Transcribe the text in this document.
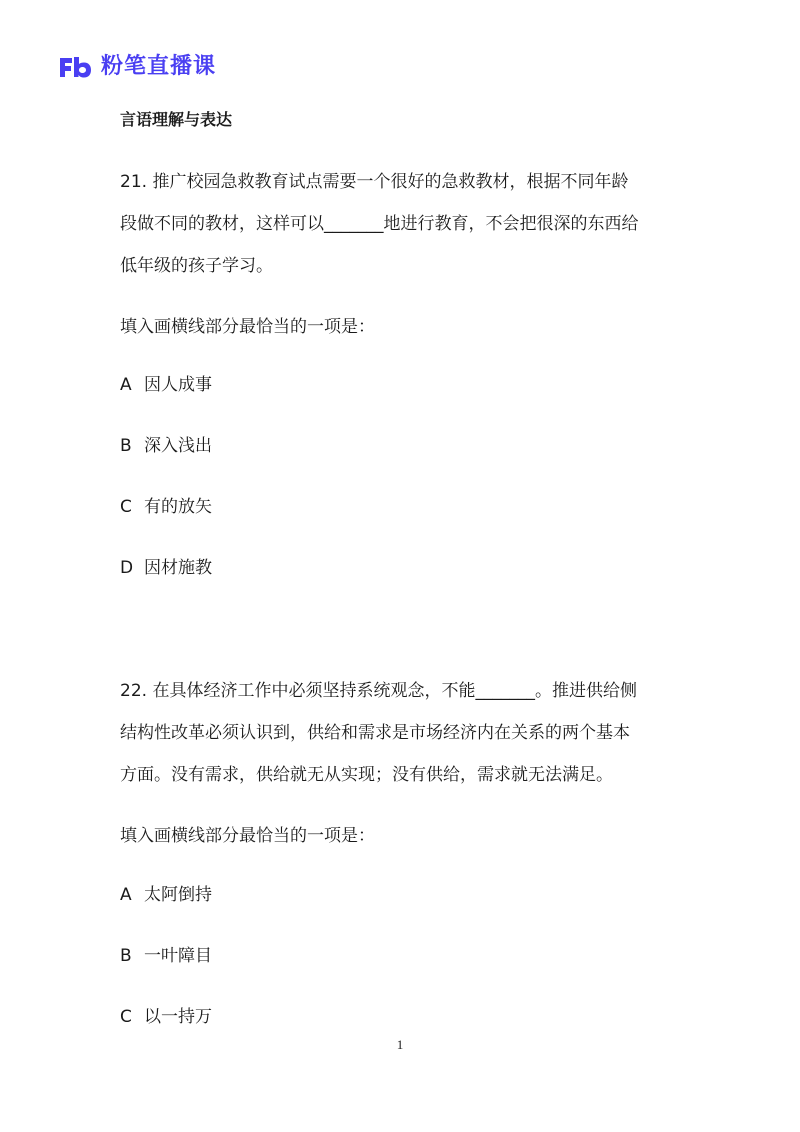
粉笔直播课
言语理解与表达

21. 推广校园急救教育试点需要一个很好的急救教材，根据不同年龄

段做不同的教材，这样可以_______地进行教育，不会把很深的东西给

低年级的孩子学习。

填入画横线部分最恰当的一项是：

A 因人成事

B 深入浅出

C 有的放矢

D 因材施教

22. 在具体经济工作中必须坚持系统观念，不能_______。推进供给侧

结构性改革必须认识到，供给和需求是市场经济内在关系的两个基本

方面。没有需求，供给就无从实现；没有供给，需求就无法满足。

填入画横线部分最恰当的一项是：

A 太阿倒持

B 一叶障目

C 以一持万

1
